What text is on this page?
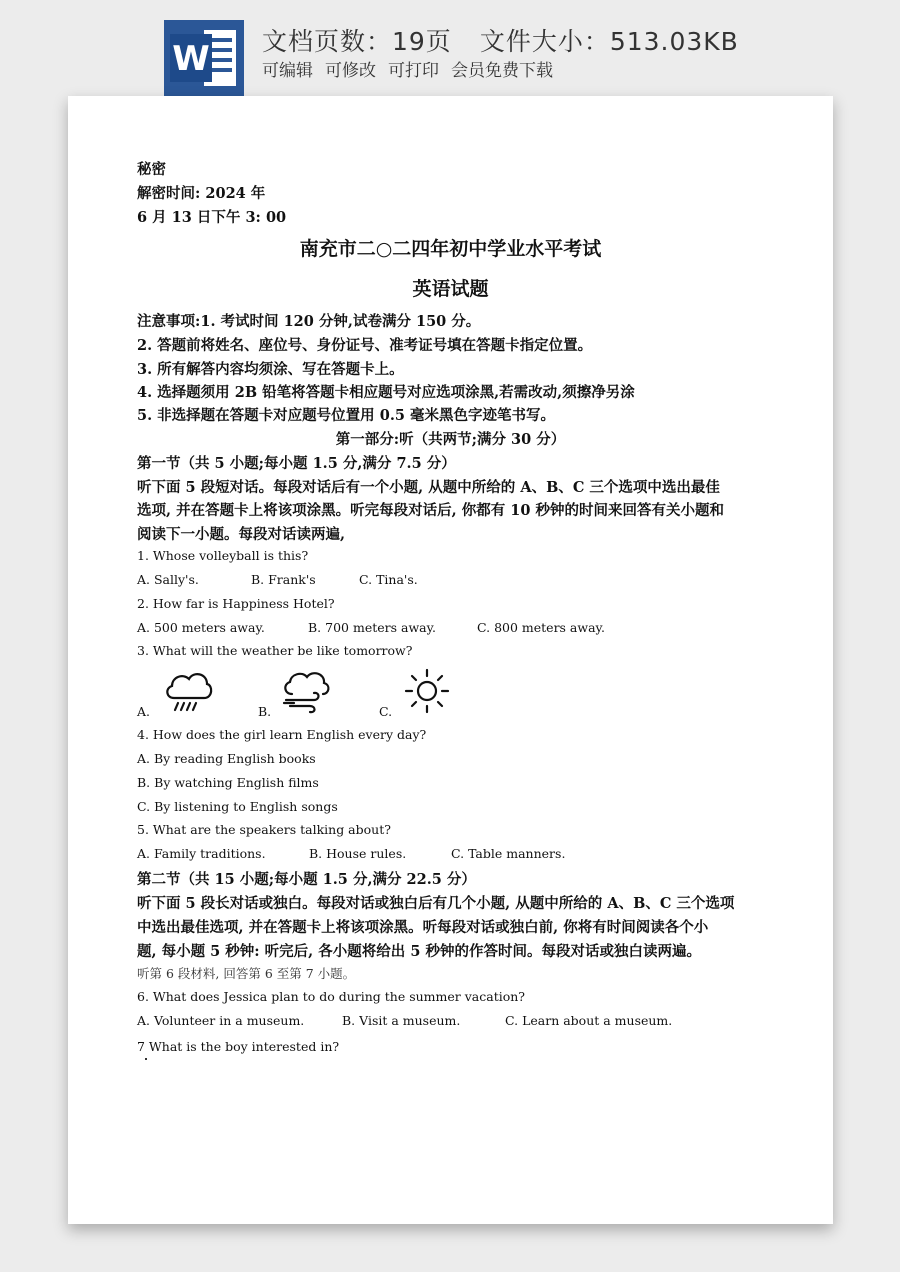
W 文档页数：19页 文件大小：513.03KB
可编辑 可修改 可打印 会员免费下载
秘密
解密时间: 2024 年
6 月 13 日下午 3: 00
南充市二○二四年初中学业水平考试
英语试题
注意事项:1. 考试时间 120 分钟,试卷满分 150 分。
2. 答题前将姓名、座位号、身份证号、准考证号填在答题卡指定位置。
3. 所有解答内容均须涂、写在答题卡上。
4. 选择题须用 2B 铅笔将答题卡相应题号对应选项涂黑,若需改动,须擦净另涂
5. 非选择题在答题卡对应题号位置用 0.5 毫米黑色字迹笔书写。
第一部分:听（共两节;满分 30 分）
第一节（共 5 小题;每小题 1.5 分,满分 7.5 分）
听下面 5 段短对话。每段对话后有一个小题, 从题中所给的 A、B、C 三个选项中选出最佳
选项, 并在答题卡上将该项涂黑。听完每段对话后, 你都有 10 秒钟的时间来回答有关小题和
阅读下一小题。每段对话读两遍,
1. Whose volleyball is this?
A. Sally's.	B. Frank's	C. Tina's.
2. How far is Happiness Hotel?
A. 500 meters away.	B. 700 meters away.	C. 800 meters away.
3. What will the weather be like tomorrow?
A.	B.	C.
4. How does the girl learn English every day?
A. By reading English books
B. By watching English films
C. By listening to English songs
5. What are the speakers talking about?
A. Family traditions.	B. House rules.	C. Table manners.
第二节（共 15 小题;每小题 1.5 分,满分 22.5 分）
听下面 5 段长对话或独白。每段对话或独白后有几个小题, 从题中所给的 A、B、C 三个选项
中选出最佳选项, 并在答题卡上将该项涂黑。听每段对话或独白前, 你将有时间阅读各个小
题, 每小题 5 秒钟: 听完后, 各小题将给出 5 秒钟的作答时间。每段对话或独白读两遍。
听第 6 段材料, 回答第 6 至第 7 小题。
6. What does Jessica plan to do during the summer vacation?
A. Volunteer in a museum.	B. Visit a museum.	C. Learn about a museum.
7 What is the boy interested in?
